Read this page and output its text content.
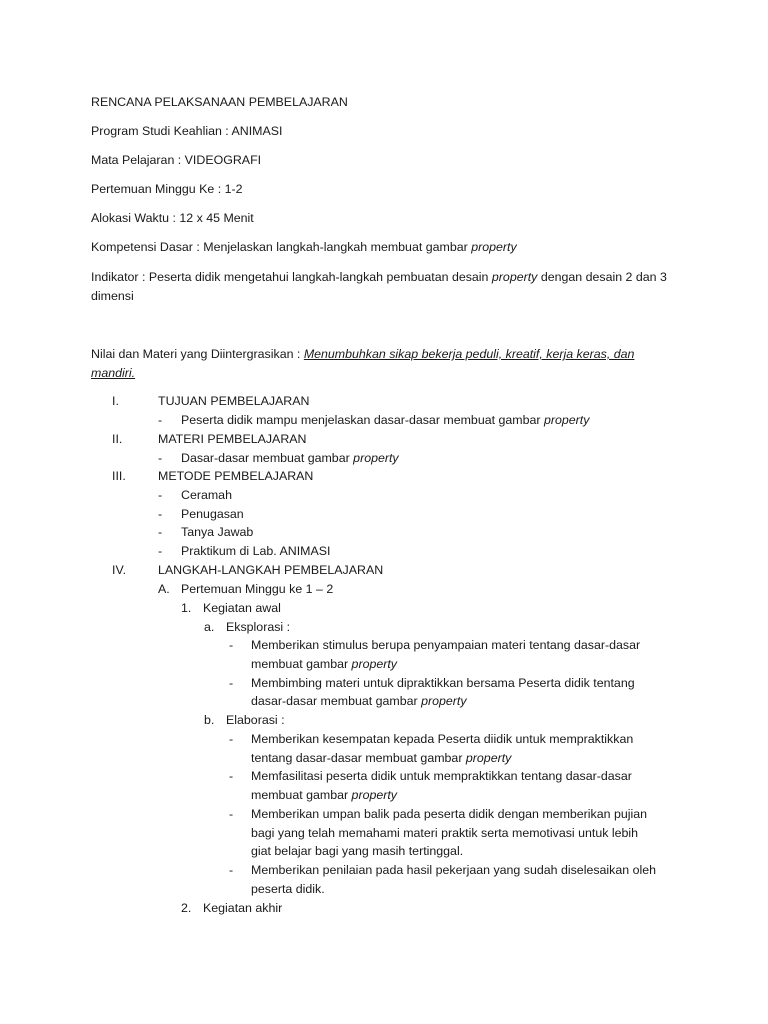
RENCANA PELAKSANAAN PEMBELAJARAN
Program Studi Keahlian : ANIMASI
Mata Pelajaran : VIDEOGRAFI
Pertemuan Minggu Ke : 1-2
Alokasi Waktu : 12 x 45 Menit
Kompetensi Dasar : Menjelaskan langkah-langkah membuat gambar property
Indikator : Peserta didik mengetahui langkah-langkah pembuatan desain property dengan desain 2 dan 3
dimensi
Nilai dan Materi yang Diintergrasikan : Menumbuhkan sikap bekerja peduli, kreatif, kerja keras, dan
mandiri.
I.	TUJUAN PEMBELAJARAN
- Peserta didik mampu menjelaskan dasar-dasar membuat gambar property
II.	MATERI PEMBELAJARAN
- Dasar-dasar membuat gambar property
III.	METODE PEMBELAJARAN
- Ceramah
- Penugasan
- Tanya Jawab
- Praktikum di Lab. ANIMASI
IV.	LANGKAH-LANGKAH PEMBELAJARAN
A. Pertemuan Minggu ke 1 – 2
1. Kegiatan awal
a. Eksplorasi :
- Memberikan stimulus berupa penyampaian materi tentang dasar-dasar
membuat gambar property
- Membimbing materi untuk dipraktikkan bersama Peserta didik tentang
dasar-dasar membuat gambar property
b. Elaborasi :
- Memberikan kesempatan kepada Peserta diidik untuk mempraktikkan
tentang dasar-dasar membuat gambar property
- Memfasilitasi peserta didik untuk mempraktikkan tentang dasar-dasar
membuat gambar property
- Memberikan umpan balik pada peserta didik dengan memberikan pujian
bagi yang telah memahami materi praktik serta memotivasi untuk lebih
giat belajar bagi yang masih tertinggal.
- Memberikan penilaian pada hasil pekerjaan yang sudah diselesaikan oleh
peserta didik.
2. Kegiatan akhir
